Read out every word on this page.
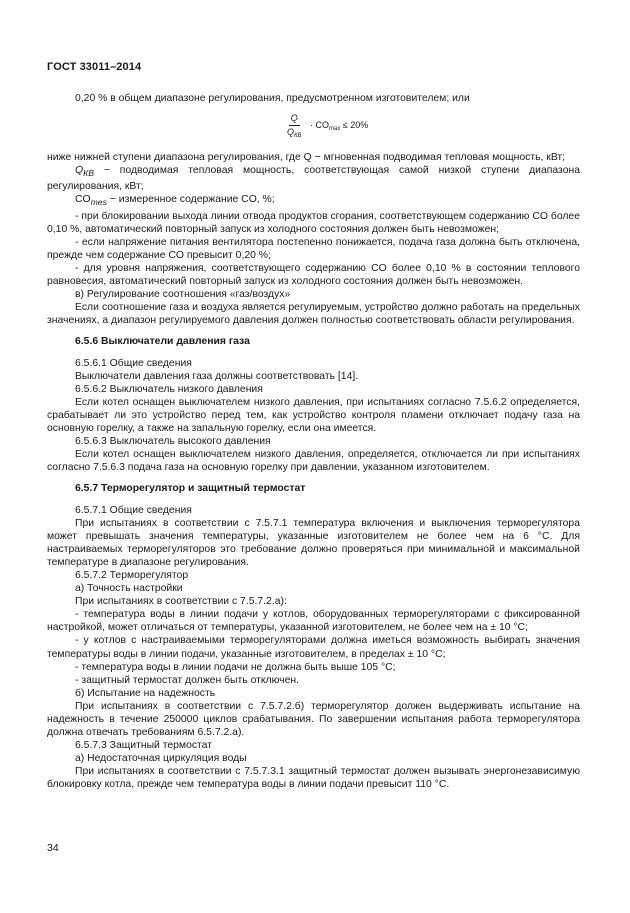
ГОСТ 33011–2014

0,20 % в общем диапазоне регулирования, предусмотренном изготовителем; или

Q
$Q_{КВ}$
· $CO_{max} \le 20\%$

ниже нижней ступени диапазона регулирования, где Q − мгновенная подводимая тепловая мощность, кВт;

$Q_{КВ}$ − подводимая тепловая мощность, соответствующая самой низкой ступени диапазона регулирования, кВт;

$CO_{mes}$ − измеренное содержание CO, %;

- при блокировании выхода линии отвода продуктов сгорания, соответствующем содержанию CO более 0,10 %, автоматический повторный запуск из холодного состояния должен быть невозможен;

- если напряжение питания вентилятора постепенно понижается, подача газа должна быть отключена, прежде чем содержание CO превысит 0,20 %;

- для уровня напряжения, соответствующего содержанию CO более 0,10 % в состоянии теплового равновесия, автоматический повторный запуск из холодного состояния должен быть невозможен.

в) Регулирование соотношения «газ/воздух»

Если соотношение газа и воздуха является регулируемым, устройство должно работать на предельных значениях, а диапазон регулируемого давления должен полностью соответствовать области регулирования.

6.5.6 Выключатели давления газа

6.5.6.1 Общие сведения

Выключатели давления газа должны соответствовать [14].

6.5.6.2 Выключатель низкого давления

Если котел оснащен выключателем низкого давления, при испытаниях согласно 7.5.6.2 определяется, срабатывает ли это устройство перед тем, как устройство контроля пламени отключает подачу газа на основную горелку, а также на запальную горелку, если она имеется.

6.5.6.3 Выключатель высокого давления

Если котел оснащен выключателем низкого давления, определяется, отключается ли при испытаниях согласно 7.5.6.3 подача газа на основную горелку при давлении, указанном изготовителем.

6.5.7 Терморегулятор и защитный термостат

6.5.7.1 Общие сведения

При испытаниях в соответствии с 7.5.7.1 температура включения и выключения терморегулятора может превышать значения температуры, указанные изготовителем не более чем на 6 °С. Для настраиваемых терморегуляторов это требование должно проверяться при минимальной и максимальной температуре в диапазоне регулирования.

6.5.7.2 Терморегулятор

а) Точность настройки

При испытаниях в соответствии с 7.5.7.2.а):

- температура воды в линии подачи у котлов, оборудованных терморегуляторами с фиксированной настройкой, может отличаться от температуры, указанной изготовителем, не более чем на ± 10 °С;

- у котлов с настраиваемыми терморегуляторами должна иметься возможность выбирать значения температуры воды в линии подачи, указанные изготовителем, в пределах ± 10 °С;

- температура воды в линии подачи не должна быть выше 105 °С;

- защитный термостат должен быть отключен.

б) Испытание на надежность

При испытаниях в соответствии с 7.5.7.2.б) терморегулятор должен выдерживать испытание на надежность в течение 250000 циклов срабатывания. По завершении испытания работа терморегулятора должна отвечать требованиям 6.5.7.2.а).

6.5.7.3 Защитный термостат

а) Недостаточная циркуляция воды

При испытаниях в соответствии с 7.5.7.3.1 защитный термостат должен вызывать энергонезависимую блокировку котла, прежде чем температура воды в линии подачи превысит 110 °С.

34
